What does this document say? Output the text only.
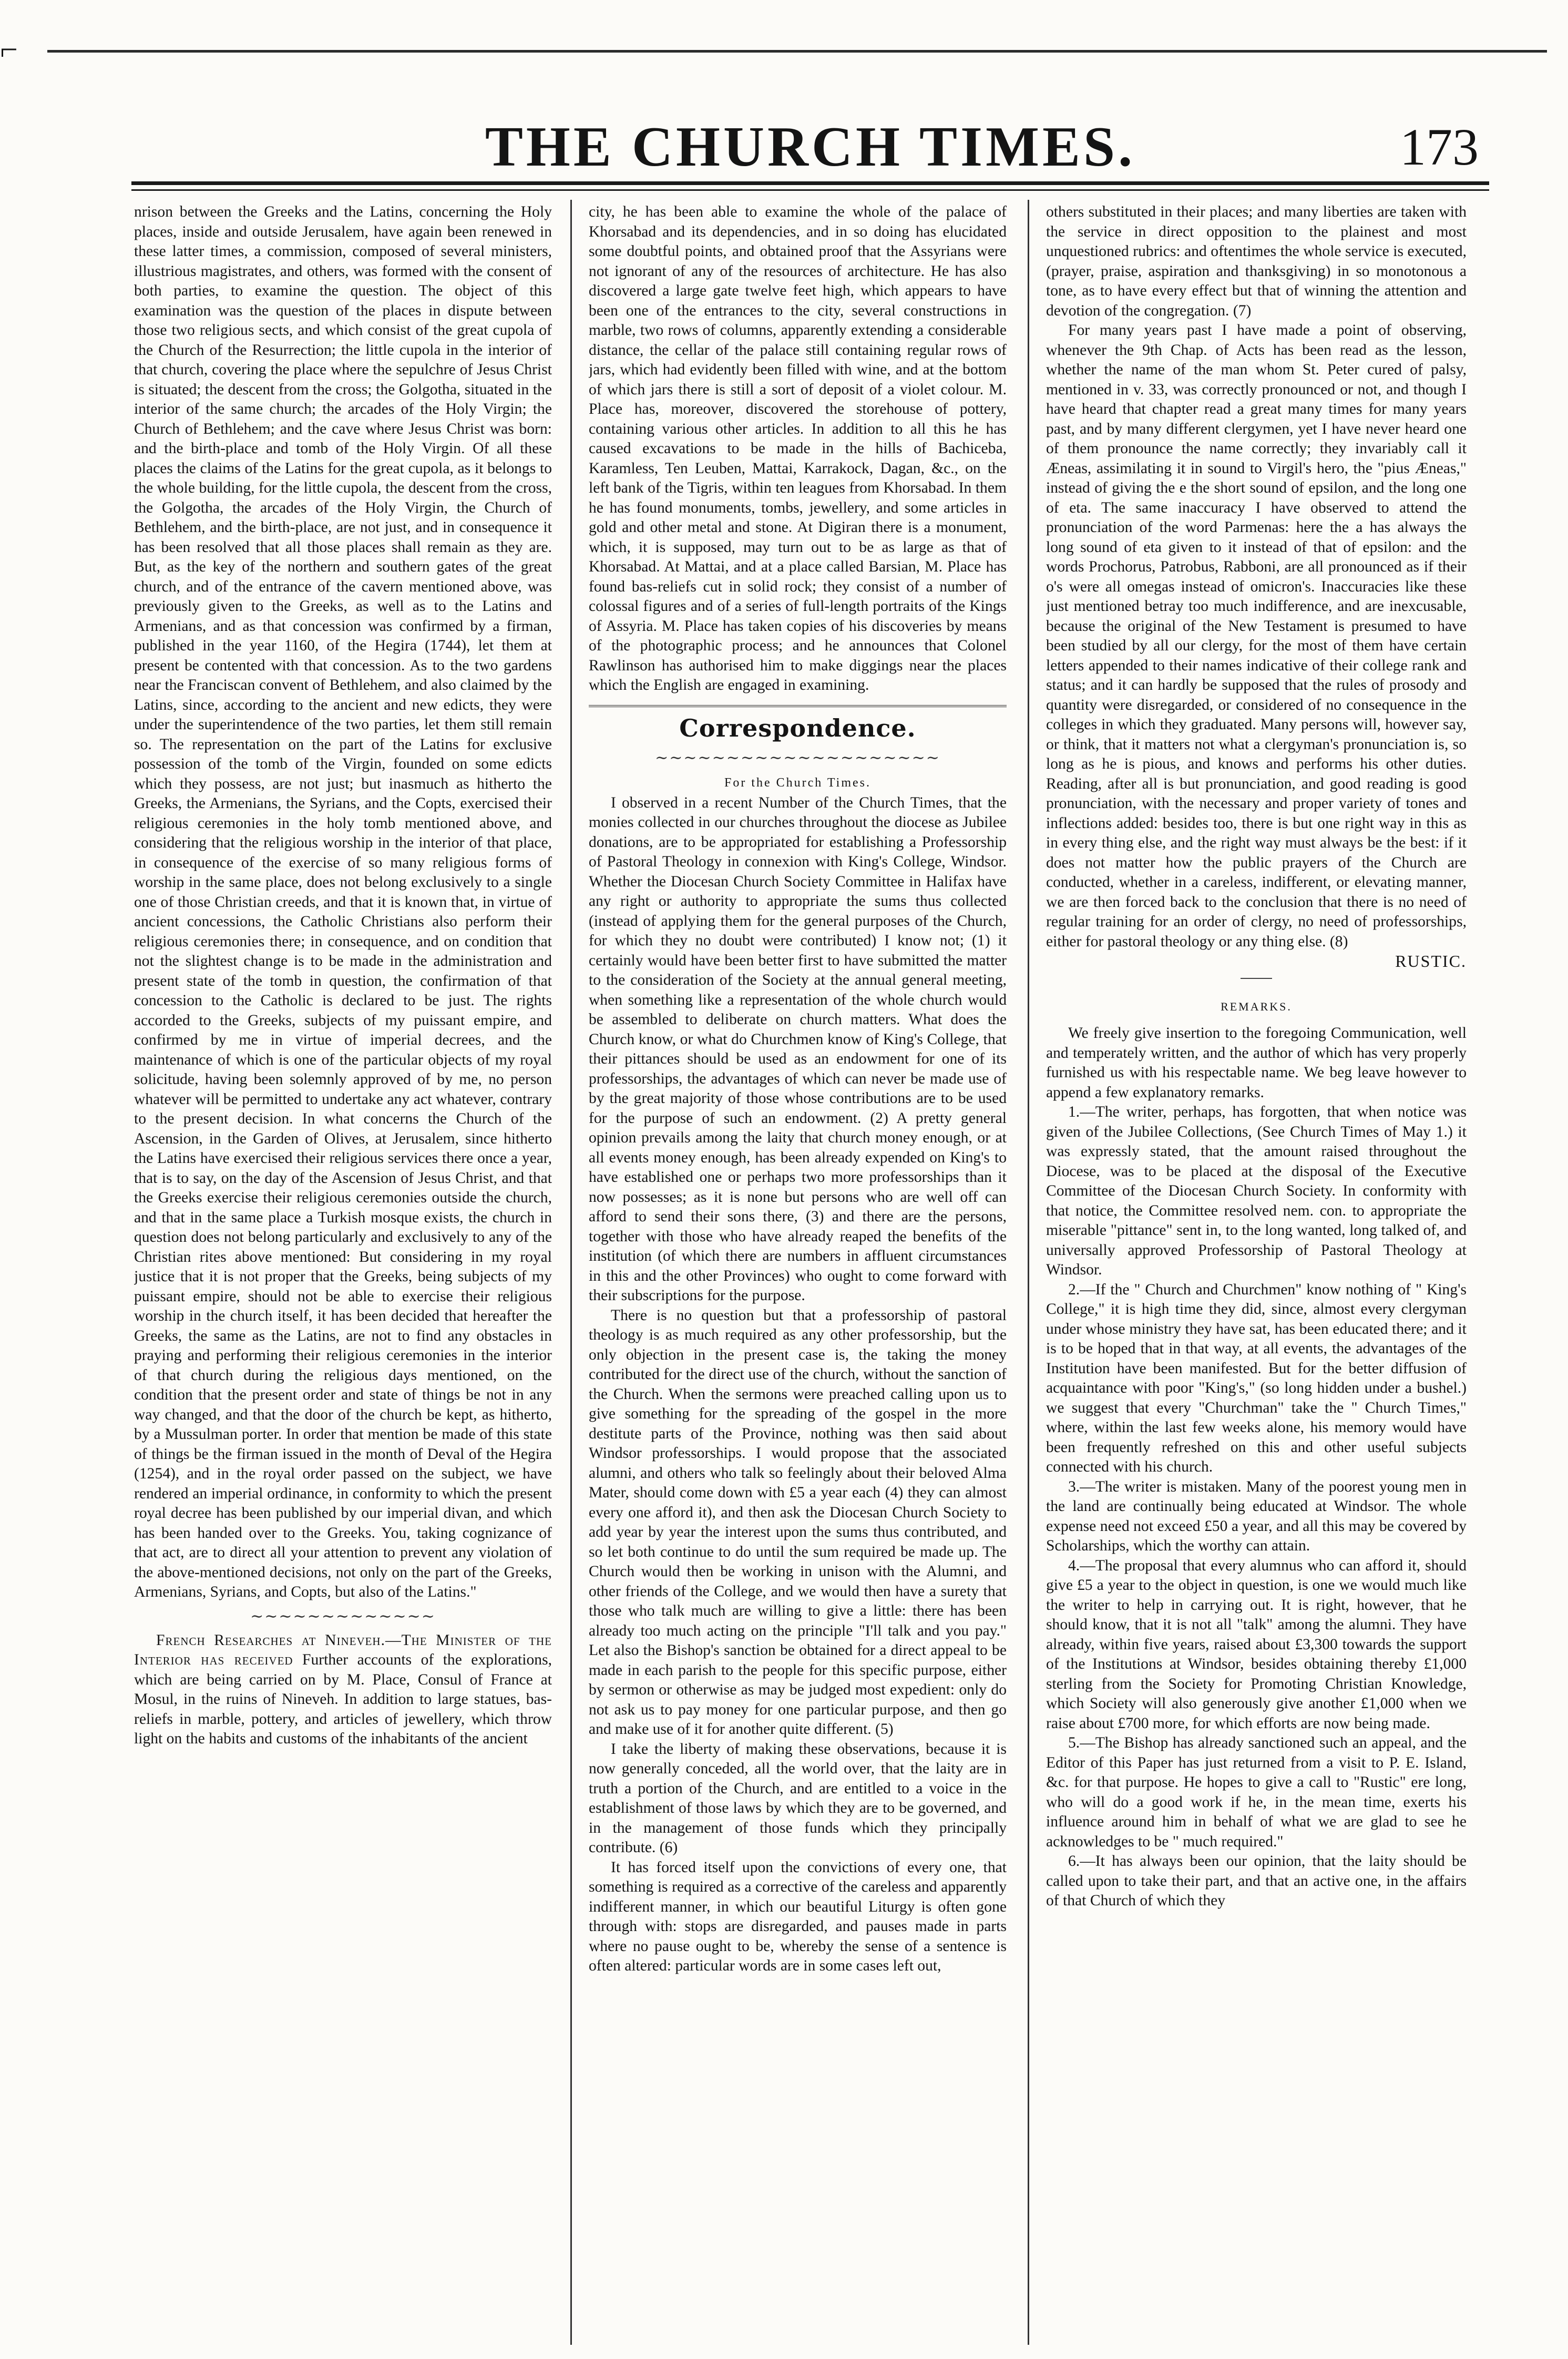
⌐
THE CHURCH TIMES.	173

nrison between the Greeks and the Latins, concerning the Holy places, inside and outside Jerusalem, have again been renewed in these latter times, a commission, composed of several ministers, illustrious magistrates, and others, was formed with the consent of both parties, to examine the question. The object of this examination was the question of the places in dispute between those two religious sects, and which consist of the great cupola of the Church of the Resurrection; the little cupola in the interior of that church, covering the place where the sepulchre of Jesus Christ is situated; the descent from the cross; the Golgotha, situated in the interior of the same church; the arcades of the Holy Virgin; the Church of Bethlehem; and the cave where Jesus Christ was born: and the birth-place and tomb of the Holy Virgin. Of all these places the claims of the Latins for the great cupola, as it belongs to the whole building, for the little cupola, the descent from the cross, the Golgotha, the arcades of the Holy Virgin, the Church of Bethlehem, and the birth-place, are not just, and in consequence it has been resolved that all those places shall remain as they are. But, as the key of the northern and southern gates of the great church, and of the entrance of the cavern mentioned above, was previously given to the Greeks, as well as to the Latins and Armenians, and as that concession was confirmed by a firman, published in the year 1160, of the Hegira (1744), let them at present be contented with that concession. As to the two gardens near the Franciscan convent of Bethlehem, and also claimed by the Latins, since, according to the ancient and new edicts, they were under the superintendence of the two parties, let them still remain so. The representation on the part of the Latins for exclusive possession of the tomb of the Virgin, founded on some edicts which they possess, are not just; but inasmuch as hitherto the Greeks, the Armenians, the Syrians, and the Copts, exercised their religious ceremonies in the holy tomb mentioned above, and considering that the religious worship in the interior of that place, in consequence of the exercise of so many religious forms of worship in the same place, does not belong exclusively to a single one of those Christian creeds, and that it is known that, in virtue of ancient concessions, the Catholic Christians also perform their religious ceremonies there; in consequence, and on condition that not the slightest change is to be made in the administration and present state of the tomb in question, the confirmation of that concession to the Catholic is declared to be just. The rights accorded to the Greeks, subjects of my puissant empire, and confirmed by me in virtue of imperial decrees, and the maintenance of which is one of the particular objects of my royal solicitude, having been solemnly approved of by me, no person whatever will be permitted to undertake any act whatever, contrary to the present decision. In what concerns the Church of the Ascension, in the Garden of Olives, at Jerusalem, since hitherto the Latins have exercised their religious services there once a year, that is to say, on the day of the Ascension of Jesus Christ, and that the Greeks exercise their religious ceremonies outside the church, and that in the same place a Turkish mosque exists, the church in question does not belong particularly and exclusively to any of the Christian rites above mentioned: But considering in my royal justice that it is not proper that the Greeks, being subjects of my puissant empire, should not be able to exercise their religious worship in the church itself, it has been decided that hereafter the Greeks, the same as the Latins, are not to find any obstacles in praying and performing their religious ceremonies in the interior of that church during the religious days mentioned, on the condition that the present order and state of things be not in any way changed, and that the door of the church be kept, as hitherto, by a Mussulman porter. In order that mention be made of this state of things be the firman issued in the month of Deval of the Hegira (1254), and in the royal order passed on the subject, we have rendered an imperial ordinance, in conformity to which the present royal decree has been published by our imperial divan, and which has been handed over to the Greeks. You, taking cognizance of that act, are to direct all your attention to prevent any violation of the above-mentioned decisions, not only on the part of the Greeks, Armenians, Syrians, and Copts, but also of the Latins."

∼∼∼∼∼∼∼∼∼∼∼∼∼

French Researches at Nineveh.—The Minister of the Interior has received Further accounts of the explorations, which are being carried on by M. Place, Consul of France at Mosul, in the ruins of Nineveh. In addition to large statues, bas-reliefs in marble, pottery, and articles of jewellery, which throw light on the habits and customs of the inhabitants of the ancient

city, he has been able to examine the whole of the palace of Khorsabad and its dependencies, and in so doing has elucidated some doubtful points, and obtained proof that the Assyrians were not ignorant of any of the resources of architecture. He has also discovered a large gate twelve feet high, which appears to have been one of the entrances to the city, several constructions in marble, two rows of columns, apparently extending a considerable distance, the cellar of the palace still containing regular rows of jars, which had evidently been filled with wine, and at the bottom of which jars there is still a sort of deposit of a violet colour. M. Place has, moreover, discovered the storehouse of pottery, containing various other articles. In addition to all this he has caused excavations to be made in the hills of Bachiceba, Karamless, Ten Leuben, Mattai, Karrakock, Dagan, &c., on the left bank of the Tigris, within ten leagues from Khorsabad. In them he has found monuments, tombs, jewellery, and some articles in gold and other metal and stone. At Digiran there is a monument, which, it is supposed, may turn out to be as large as that of Khorsabad. At Mattai, and at a place called Barsian, M. Place has found bas-reliefs cut in solid rock; they consist of a number of colossal figures and of a series of full-length portraits of the Kings of Assyria. M. Place has taken copies of his discoveries by means of the photographic process; and he announces that Colonel Rawlinson has authorised him to make diggings near the places which the English are engaged in examining.

Correspondence.
∼∼∼∼∼∼∼∼∼∼∼∼∼∼∼∼∼∼∼∼
For the Church Times.

I observed in a recent Number of the Church Times, that the monies collected in our churches throughout the diocese as Jubilee donations, are to be appropriated for establishing a Professorship of Pastoral Theology in connexion with King's College, Windsor. Whether the Diocesan Church Society Committee in Halifax have any right or authority to appropriate the sums thus collected (instead of applying them for the general purposes of the Church, for which they no doubt were contributed) I know not; (1) it certainly would have been better first to have submitted the matter to the consideration of the Society at the annual general meeting, when something like a representation of the whole church would be assembled to deliberate on church matters. What does the Church know, or what do Churchmen know of King's College, that their pittances should be used as an endowment for one of its professorships, the advantages of which can never be made use of by the great majority of those whose contributions are to be used for the purpose of such an endowment. (2) A pretty general opinion prevails among the laity that church money enough, or at all events money enough, has been already expended on King's to have established one or perhaps two more professorships than it now possesses; as it is none but persons who are well off can afford to send their sons there, (3) and there are the persons, together with those who have already reaped the benefits of the institution (of which there are numbers in affluent circumstances in this and the other Provinces) who ought to come forward with their subscriptions for the purpose.

There is no question but that a professorship of pastoral theology is as much required as any other professorship, but the only objection in the present case is, the taking the money contributed for the direct use of the church, without the sanction of the Church. When the sermons were preached calling upon us to give something for the spreading of the gospel in the more destitute parts of the Province, nothing was then said about Windsor professorships. I would propose that the associated alumni, and others who talk so feelingly about their beloved Alma Mater, should come down with £5 a year each (4) they can almost every one afford it), and then ask the Diocesan Church Society to add year by year the interest upon the sums thus contributed, and so let both continue to do until the sum required be made up. The Church would then be working in unison with the Alumni, and other friends of the College, and we would then have a surety that those who talk much are willing to give a little: there has been already too much acting on the principle "I'll talk and you pay." Let also the Bishop's sanction be obtained for a direct appeal to be made in each parish to the people for this specific purpose, either by sermon or otherwise as may be judged most expedient: only do not ask us to pay money for one particular purpose, and then go and make use of it for another quite different. (5)

I take the liberty of making these observations, because it is now generally conceded, all the world over, that the laity are in truth a portion of the Church, and are entitled to a voice in the establishment of those laws by which they are to be governed, and in the management of those funds which they principally contribute. (6)

It has forced itself upon the convictions of every one, that something is required as a corrective of the careless and apparently indifferent manner, in which our beautiful Liturgy is often gone through with: stops are disregarded, and pauses made in parts where no pause ought to be, whereby the sense of a sentence is often altered: particular words are in some cases left out,

others substituted in their places; and many liberties are taken with the service in direct opposition to the plainest and most unquestioned rubrics: and oftentimes the whole service is executed, (prayer, praise, aspiration and thanksgiving) in so monotonous a tone, as to have every effect but that of winning the attention and devotion of the congregation. (7)

For many years past I have made a point of observing, whenever the 9th Chap. of Acts has been read as the lesson, whether the name of the man whom St. Peter cured of palsy, mentioned in v. 33, was correctly pronounced or not, and though I have heard that chapter read a great many times for many years past, and by many different clergymen, yet I have never heard one of them pronounce the name correctly; they invariably call it Æneas, assimilating it in sound to Virgil's hero, the "pius Æneas," instead of giving the e the short sound of epsilon, and the long one of eta. The same inaccuracy I have observed to attend the pronunciation of the word Parmenas: here the a has always the long sound of eta given to it instead of that of epsilon: and the words Prochorus, Patrobus, Rabboni, are all pronounced as if their o's were all omegas instead of omicron's. Inaccuracies like these just mentioned betray too much indifference, and are inexcusable, because the original of the New Testament is presumed to have been studied by all our clergy, for the most of them have certain letters appended to their names indicative of their college rank and status; and it can hardly be supposed that the rules of prosody and quantity were disregarded, or considered of no consequence in the colleges in which they graduated. Many persons will, however say, or think, that it matters not what a clergyman's pronunciation is, so long as he is pious, and knows and performs his other duties. Reading, after all is but pronunciation, and good reading is good pronunciation, with the necessary and proper variety of tones and inflections added: besides too, there is but one right way in this as in every thing else, and the right way must always be the best: if it does not matter how the public prayers of the Church are conducted, whether in a careless, indifferent, or elevating manner, we are then forced back to the conclusion that there is no need of regular training for an order of clergy, no need of professorships, either for pastoral theology or any thing else. (8)

RUSTIC.
REMARKS.

We freely give insertion to the foregoing Communication, well and temperately written, and the author of which has very properly furnished us with his respectable name. We beg leave however to append a few explanatory remarks.

1.—The writer, perhaps, has forgotten, that when notice was given of the Jubilee Collections, (See Church Times of May 1.) it was expressly stated, that the amount raised throughout the Diocese, was to be placed at the disposal of the Executive Committee of the Diocesan Church Society. In conformity with that notice, the Committee resolved nem. con. to appropriate the miserable "pittance" sent in, to the long wanted, long talked of, and universally approved Professorship of Pastoral Theology at Windsor.

2.—If the " Church and Churchmen" know nothing of " King's College," it is high time they did, since, almost every clergyman under whose ministry they have sat, has been educated there; and it is to be hoped that in that way, at all events, the advantages of the Institution have been manifested. But for the better diffusion of acquaintance with poor "King's," (so long hidden under a bushel.) we suggest that every "Churchman" take the " Church Times," where, within the last few weeks alone, his memory would have been frequently refreshed on this and other useful subjects connected with his church.

3.—The writer is mistaken. Many of the poorest young men in the land are continually being educated at Windsor. The whole expense need not exceed £50 a year, and all this may be covered by Scholarships, which the worthy can attain.

4.—The proposal that every alumnus who can afford it, should give £5 a year to the object in question, is one we would much like the writer to help in carrying out. It is right, however, that he should know, that it is not all "talk" among the alumni. They have already, within five years, raised about £3,300 towards the support of the Institutions at Windsor, besides obtaining thereby £1,000 sterling from the Society for Promoting Christian Knowledge, which Society will also generously give another £1,000 when we raise about £700 more, for which efforts are now being made.

5.—The Bishop has already sanctioned such an appeal, and the Editor of this Paper has just returned from a visit to P. E. Island, &c. for that purpose. He hopes to give a call to "Rustic" ere long, who will do a good work if he, in the mean time, exerts his influence around him in behalf of what we are glad to see he acknowledges to be " much required."

6.—It has always been our opinion, that the laity should be called upon to take their part, and that an active one, in the affairs of that Church of which they
